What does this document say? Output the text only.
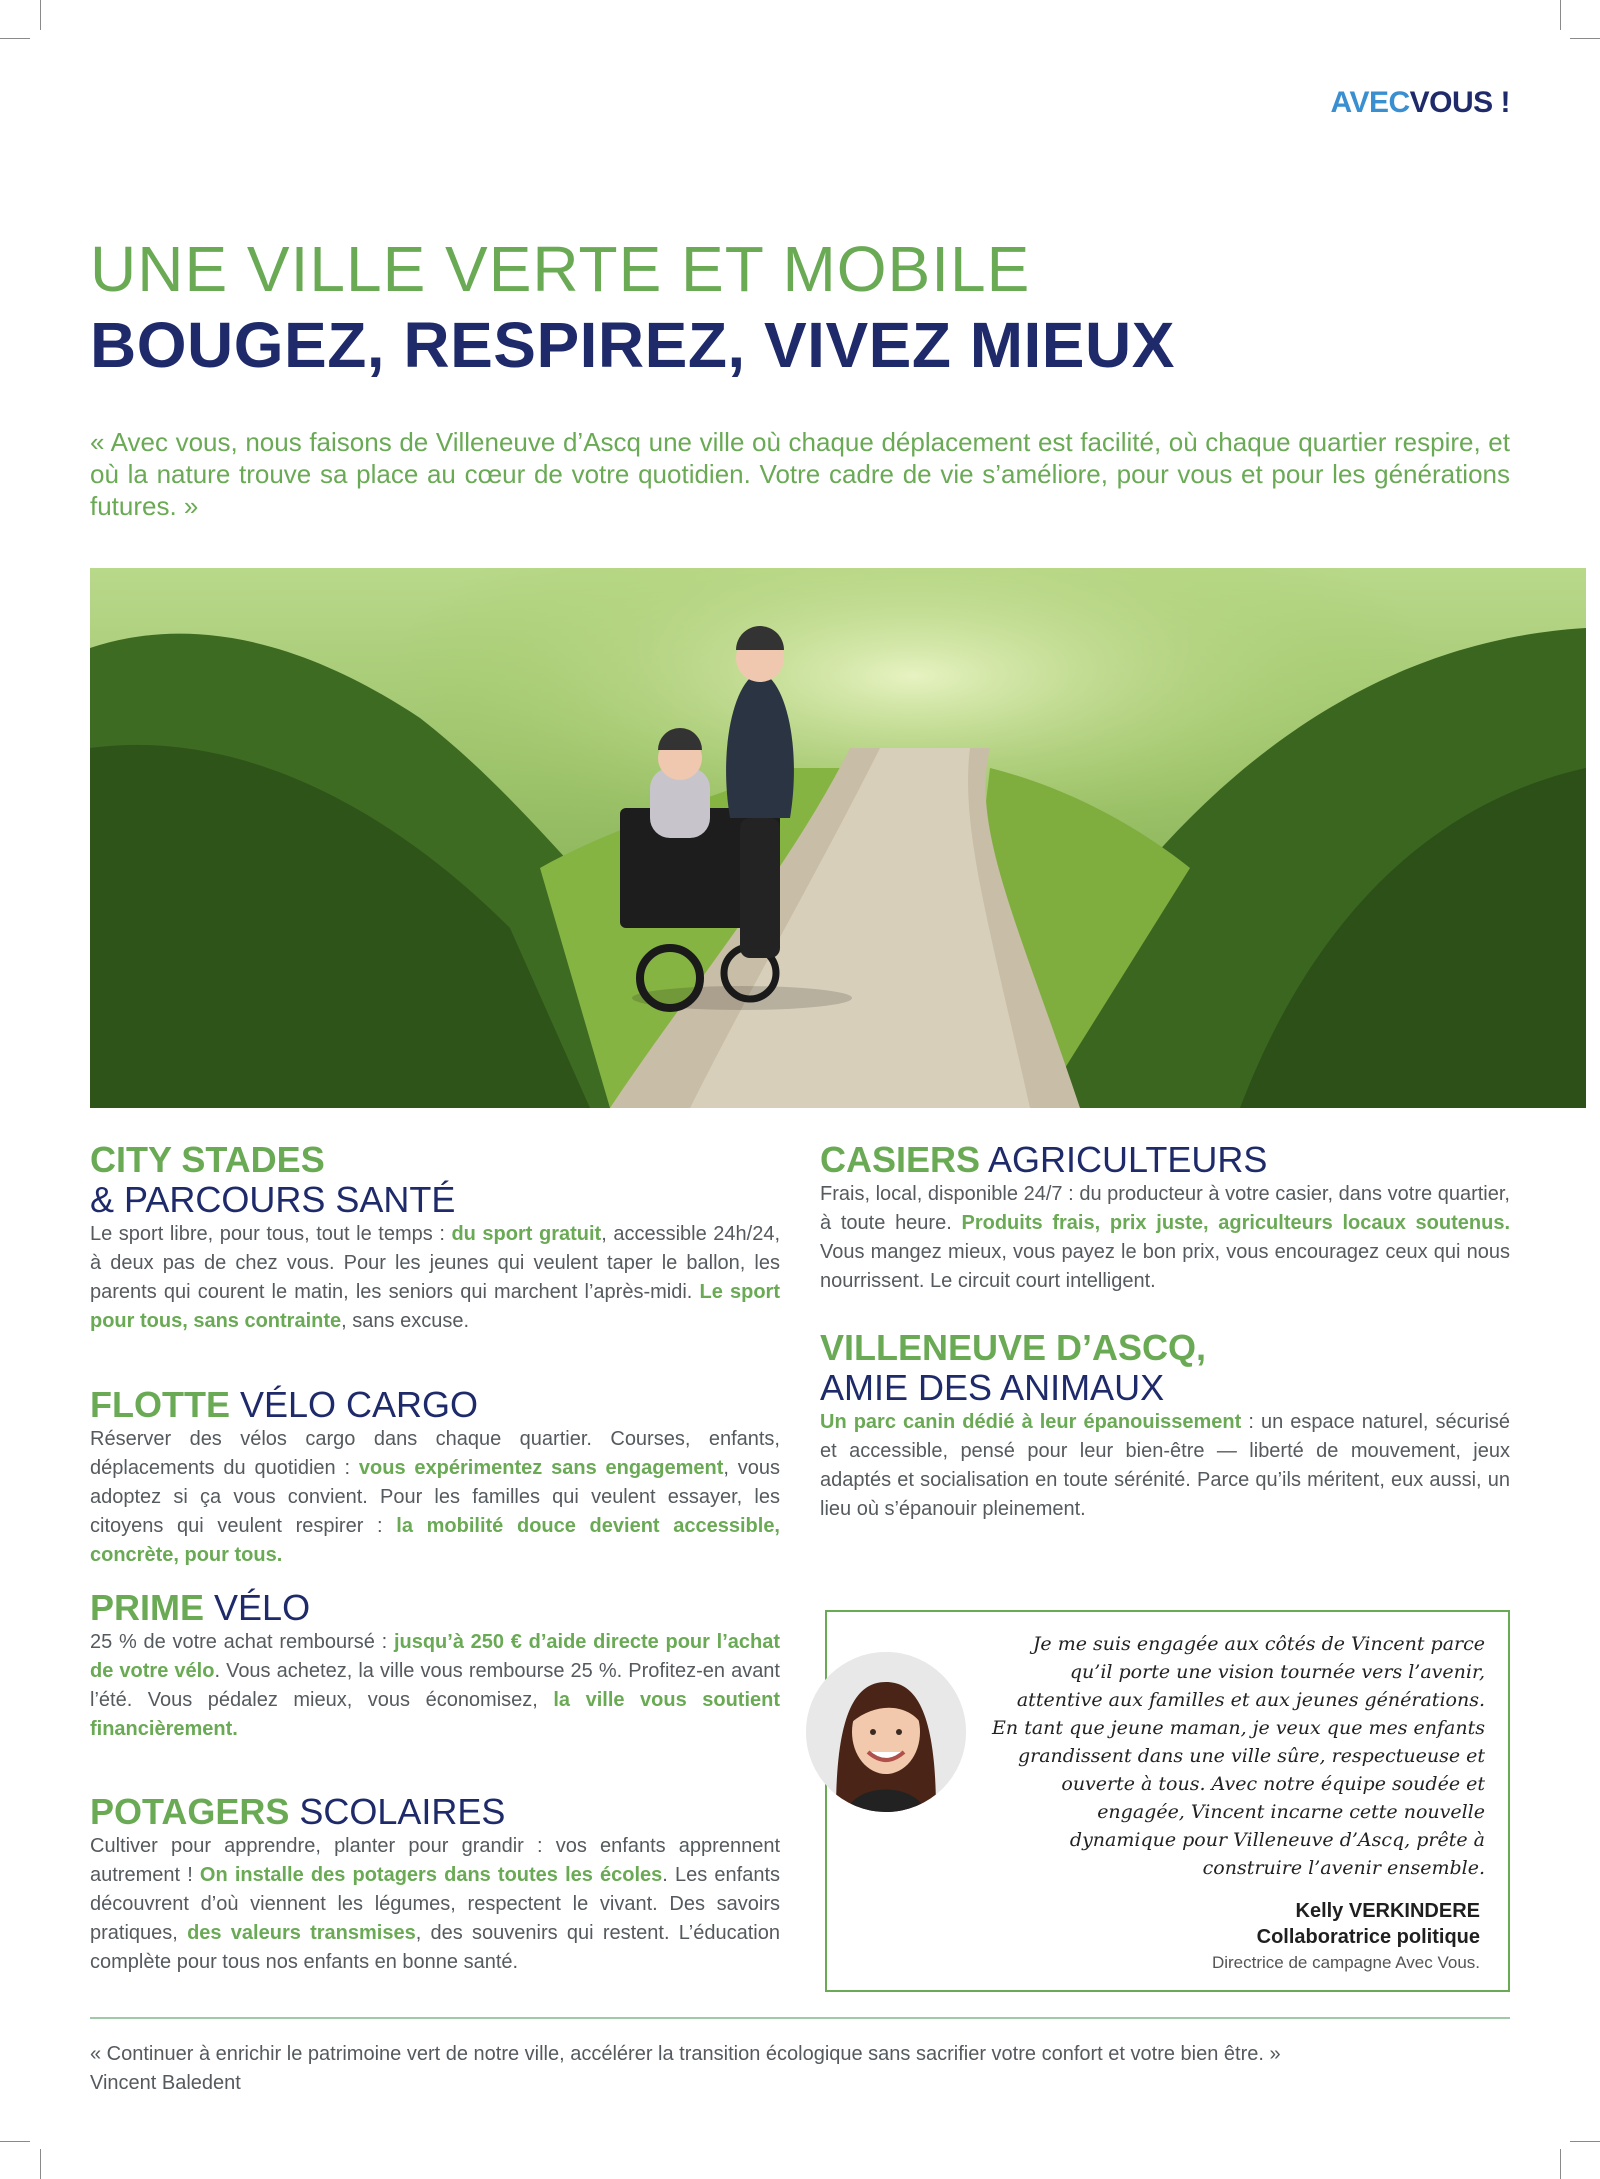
AVECVOUS !
UNE VILLE VERTE ET MOBILE
BOUGEZ, RESPIREZ, VIVEZ MIEUX

« Avec vous, nous faisons de Villeneuve d’Ascq une ville où chaque déplacement est facilité, où chaque quartier respire, et où la nature trouve sa place au cœur de votre quotidien. Votre cadre de vie s’améliore, pour vous et pour les générations futures. »

CITY STADES
& PARCOURS SANTÉ

Le sport libre, pour tous, tout le temps : du sport gratuit, accessible 24h/24, à deux pas de chez vous. Pour les jeunes qui veulent taper le ballon, les parents qui courent le matin, les seniors qui marchent l’après-midi. Le sport pour tous, sans contrainte, sans excuse.

FLOTTE VÉLO CARGO

Réserver des vélos cargo dans chaque quartier. Courses, enfants, déplacements du quotidien : vous expérimentez sans engagement, vous adoptez si ça vous convient. Pour les familles qui veulent essayer, les citoyens qui veulent respirer : la mobilité douce devient accessible, concrète, pour tous.

PRIME VÉLO

25 % de votre achat remboursé : jusqu’à 250 € d’aide directe pour l’achat de votre vélo. Vous achetez, la ville vous rembourse 25 %. Profitez-en avant l’été. Vous pédalez mieux, vous économisez, la ville vous soutient financièrement.

POTAGERS SCOLAIRES

Cultiver pour apprendre, planter pour grandir : vos enfants apprennent autrement ! On installe des potagers dans toutes les écoles. Les enfants découvrent d’où viennent les légumes, respectent le vivant. Des savoirs pratiques, des valeurs transmises, des souvenirs qui restent. L’éducation complète pour tous nos enfants en bonne santé.

CASIERS AGRICULTEURS

Frais, local, disponible 24/7 : du producteur à votre casier, dans votre quartier, à toute heure. Produits frais, prix juste, agriculteurs locaux soutenus. Vous mangez mieux, vous payez le bon prix, vous encouragez ceux qui nous nourrissent. Le circuit court intelligent.

VILLENEUVE D’ASCQ,
AMIE DES ANIMAUX

Un parc canin dédié à leur épanouissement : un espace naturel, sécurisé et accessible, pensé pour leur bien-être — liberté de mouvement, jeux adaptés et socialisation en toute sérénité. Parce qu’ils méritent, eux aussi, un lieu où s’épanouir pleinement.

Je me suis engagée aux côtés de Vincent parce qu’il porte une vision tournée vers l’avenir, attentive aux familles et aux jeunes générations. En tant que jeune maman, je veux que mes enfants grandissent dans une ville sûre, respectueuse et ouverte à tous. Avec notre équipe soudée et engagée, Vincent incarne cette nouvelle dynamique pour Villeneuve d’Ascq, prête à construire l’avenir ensemble.

Kelly VERKINDERE
Collaboratrice politique
Directrice de campagne Avec Vous.
« Continuer à enrichir le patrimoine vert de notre ville, accélérer la transition écologique sans sacrifier votre confort et votre bien être. »
Vincent Baledent
